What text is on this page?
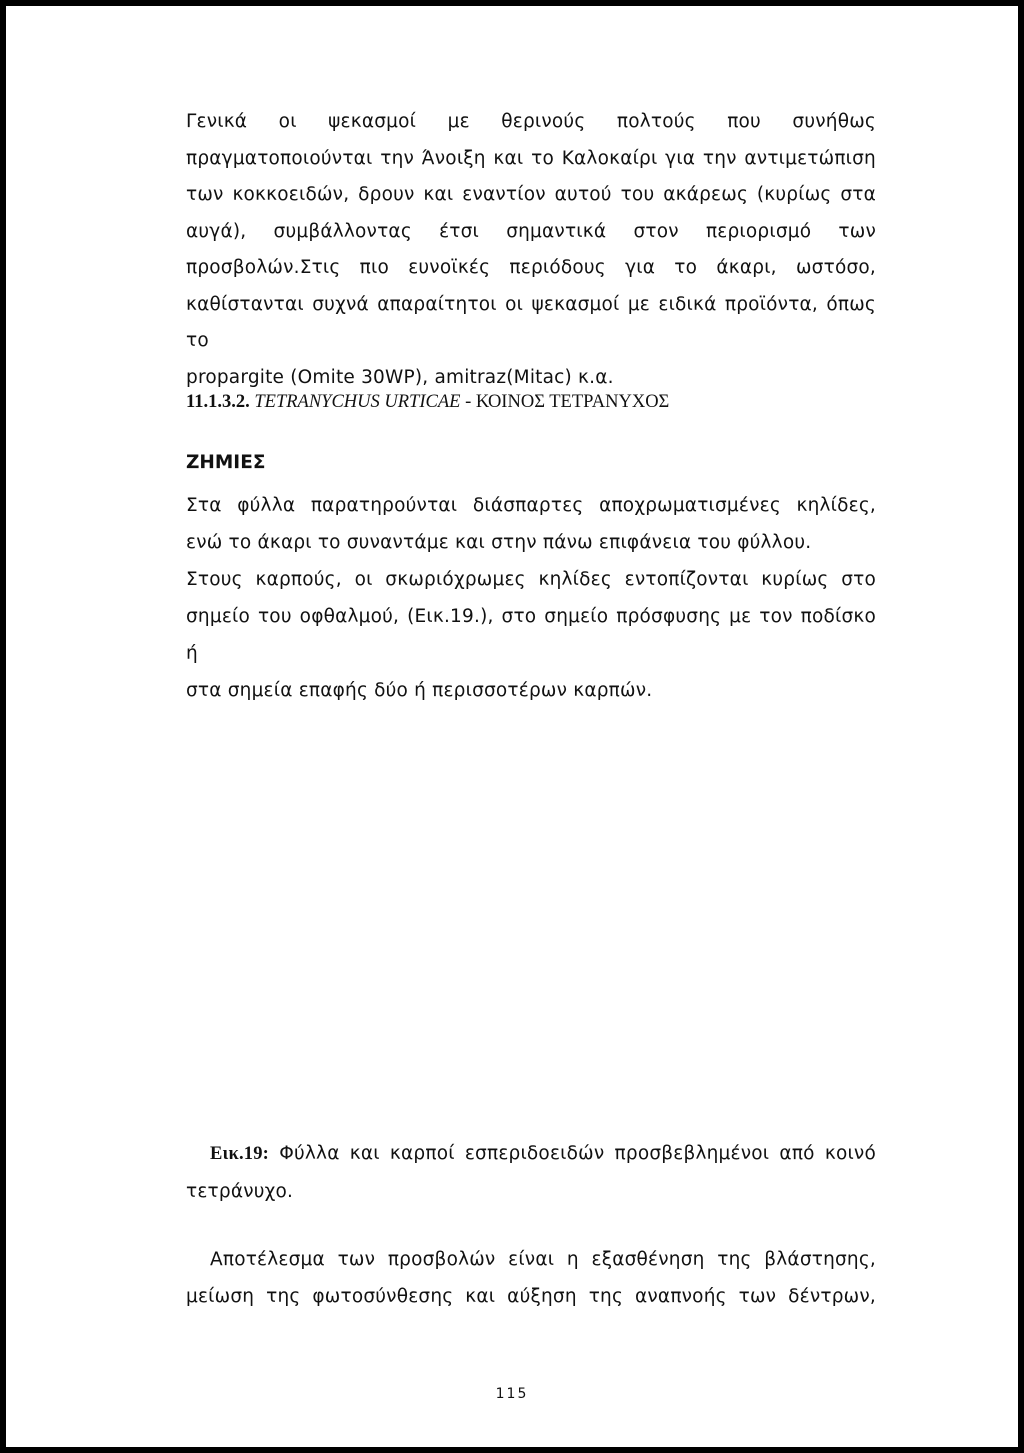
Γενικά οι ψεκασμοί με θερινούς πολτούς που συνήθως
πραγματοποιούνται την Άνοιξη και το Καλοκαίρι για την αντιμετώπιση
των κοκκοειδών, δρουν και εναντίον αυτού του ακάρεως (κυρίως στα
αυγά), συμβάλλοντας έτσι σημαντικά στον περιορισμό των
προσβολών.Στις πιο ευνοϊκές περιόδους για το άκαρι, ωστόσο,
καθίστανται συχνά απαραίτητοι οι ψεκασμοί με ειδικά προϊόντα, όπως το
propargite (Omite 30WP), amitraz(Mitac) κ.α.
11.1.3.2. TETRANYCHUS URTICAE - ΚΟΙΝΟΣ ΤΕΤΡΑΝΥΧΟΣ
ΖΗΜΙΕΣ
Στα φύλλα παρατηρούνται διάσπαρτες αποχρωματισμένες κηλίδες,
ενώ το άκαρι το συναντάμε και στην πάνω επιφάνεια του φύλλου.
Στους καρπούς, οι σκωριόχρωμες κηλίδες εντοπίζονται κυρίως στο
σημείο του οφθαλμού, (Εικ.19.), στο σημείο πρόσφυσης με τον ποδίσκο ή
στα σημεία επαφής δύο ή περισσοτέρων καρπών.
Εικ.19: Φύλλα και καρποί εσπεριδοειδών προσβεβλημένοι από κοινό
τετράνυχο.
Αποτέλεσμα των προσβολών είναι η εξασθένηση της βλάστησης,
μείωση της φωτοσύνθεσης και αύξηση της αναπνοής των δέντρων,
115
